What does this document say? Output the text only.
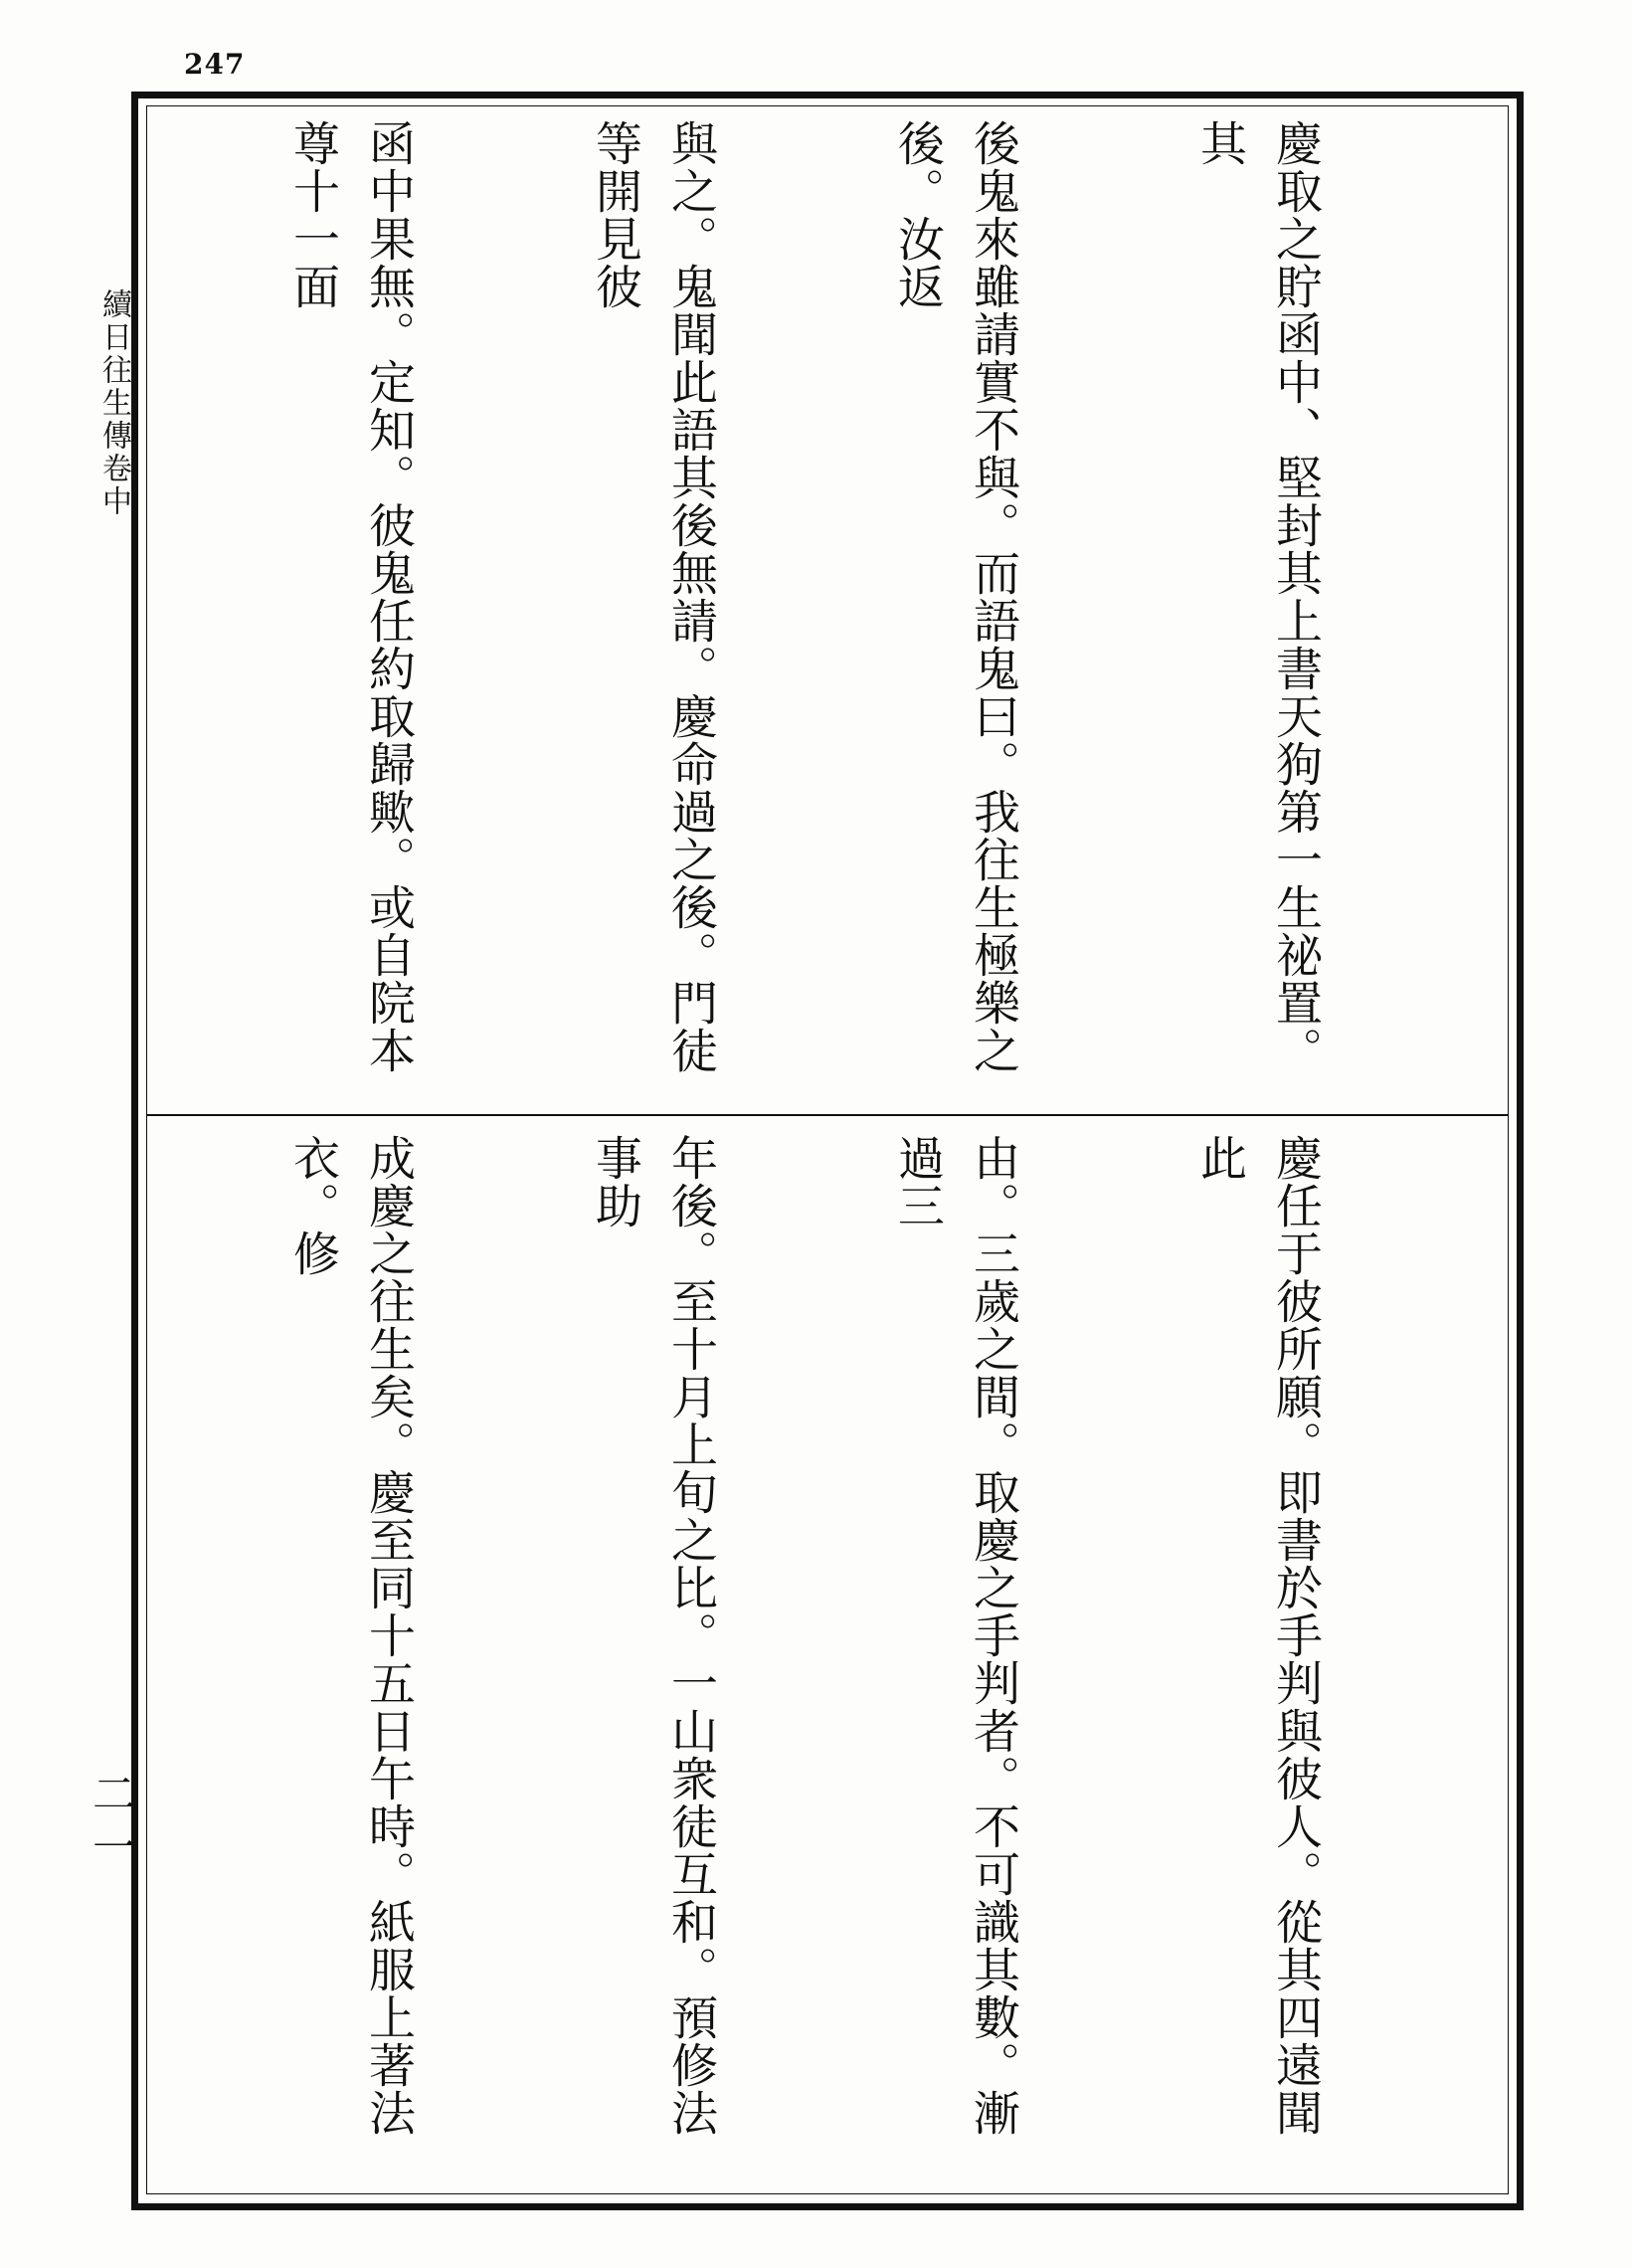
247
續日往生傳卷中
二一

慶取之貯函中、堅封其上書天狗第一生祕置。其

後鬼來雖請實不與。而語鬼曰。我往生極樂之後。汝返

與之。鬼聞此語其後無請。慶命過之後。門徒等開見彼

函中果無。定知。彼鬼任約取歸歟。或自院本尊十一面

慶任于彼所願。即書於手判與彼人。從其四遠聞此

由。三歲之間。取慶之手判者。不可識其數。漸過三

年後。至十月上旬之比。一山衆徒互和。預修法事助

成慶之往生矣。慶至同十五日午時。紙服上著法衣。修
